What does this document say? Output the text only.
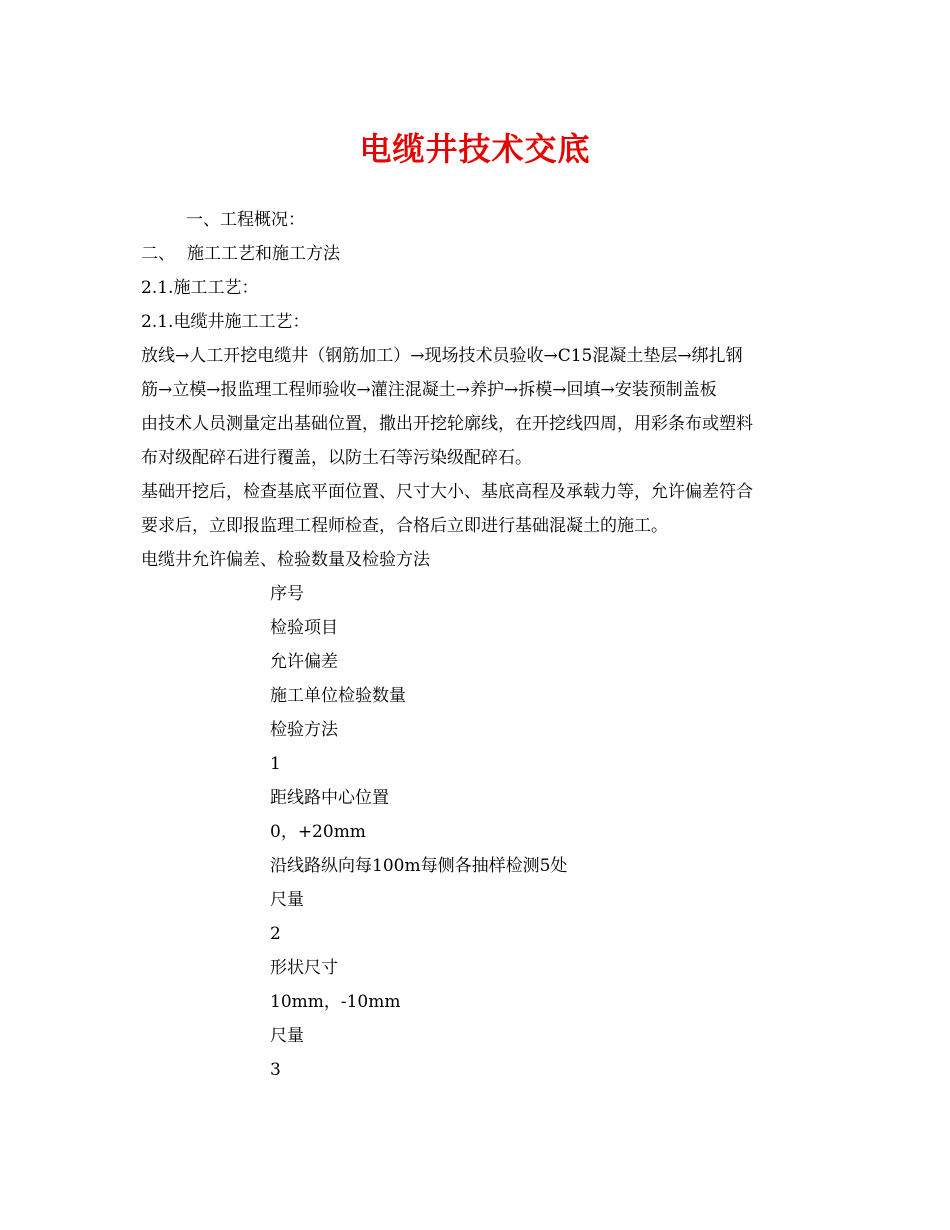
电缆井技术交底
一、工程概况：
二、 施工工艺和施工方法
2.1.施工工艺：
2.1.电缆井施工工艺：
放线→人工开挖电缆井（钢筋加工）→现场技术员验收→C15混凝土垫层→绑扎钢
筋→立模→报监理工程师验收→灌注混凝土→养护→拆模→回填→安装预制盖板
由技术人员测量定出基础位置，撒出开挖轮廓线，在开挖线四周，用彩条布或塑料
布对级配碎石进行覆盖，以防土石等污染级配碎石。
基础开挖后，检查基底平面位置、尺寸大小、基底高程及承载力等，允许偏差符合
要求后，立即报监理工程师检查，合格后立即进行基础混凝土的施工。
电缆井允许偏差、检验数量及检验方法
序号
检验项目
允许偏差
施工单位检验数量
检验方法
1
距线路中心位置
0，+20mm
沿线路纵向每100m每侧各抽样检测5处
尺量
2
形状尺寸
10mm，-10mm
尺量
3
